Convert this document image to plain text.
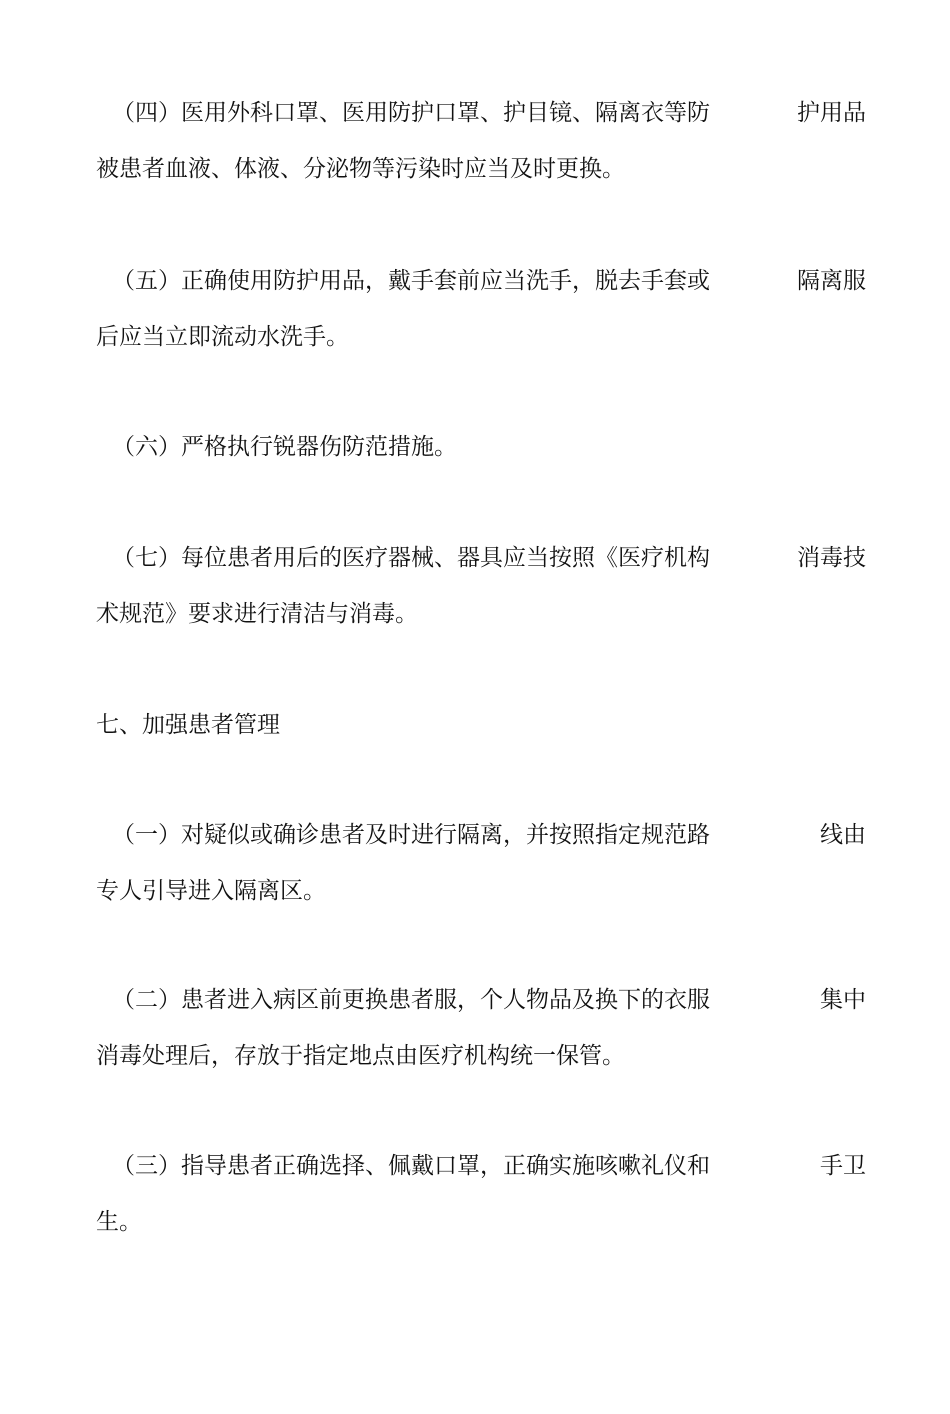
（四）医用外科口罩、医用防护口罩、护目镜、隔离衣等防	护用品
被患者血液、体液、分泌物等污染时应当及时更换。
（五）正确使用防护用品，戴手套前应当洗手，脱去手套或	隔离服
后应当立即流动水洗手。
（六）严格执行锐器伤防范措施。
（七）每位患者用后的医疗器械、器具应当按照《医疗机构	消毒技
术规范》要求进行清洁与消毒。
七、加强患者管理
（一）对疑似或确诊患者及时进行隔离，并按照指定规范路	线由
专人引导进入隔离区。
（二）患者进入病区前更换患者服，个人物品及换下的衣服	集中
消毒处理后，存放于指定地点由医疗机构统一保管。
（三）指导患者正确选择、佩戴口罩，正确实施咳嗽礼仪和	手卫
生。
